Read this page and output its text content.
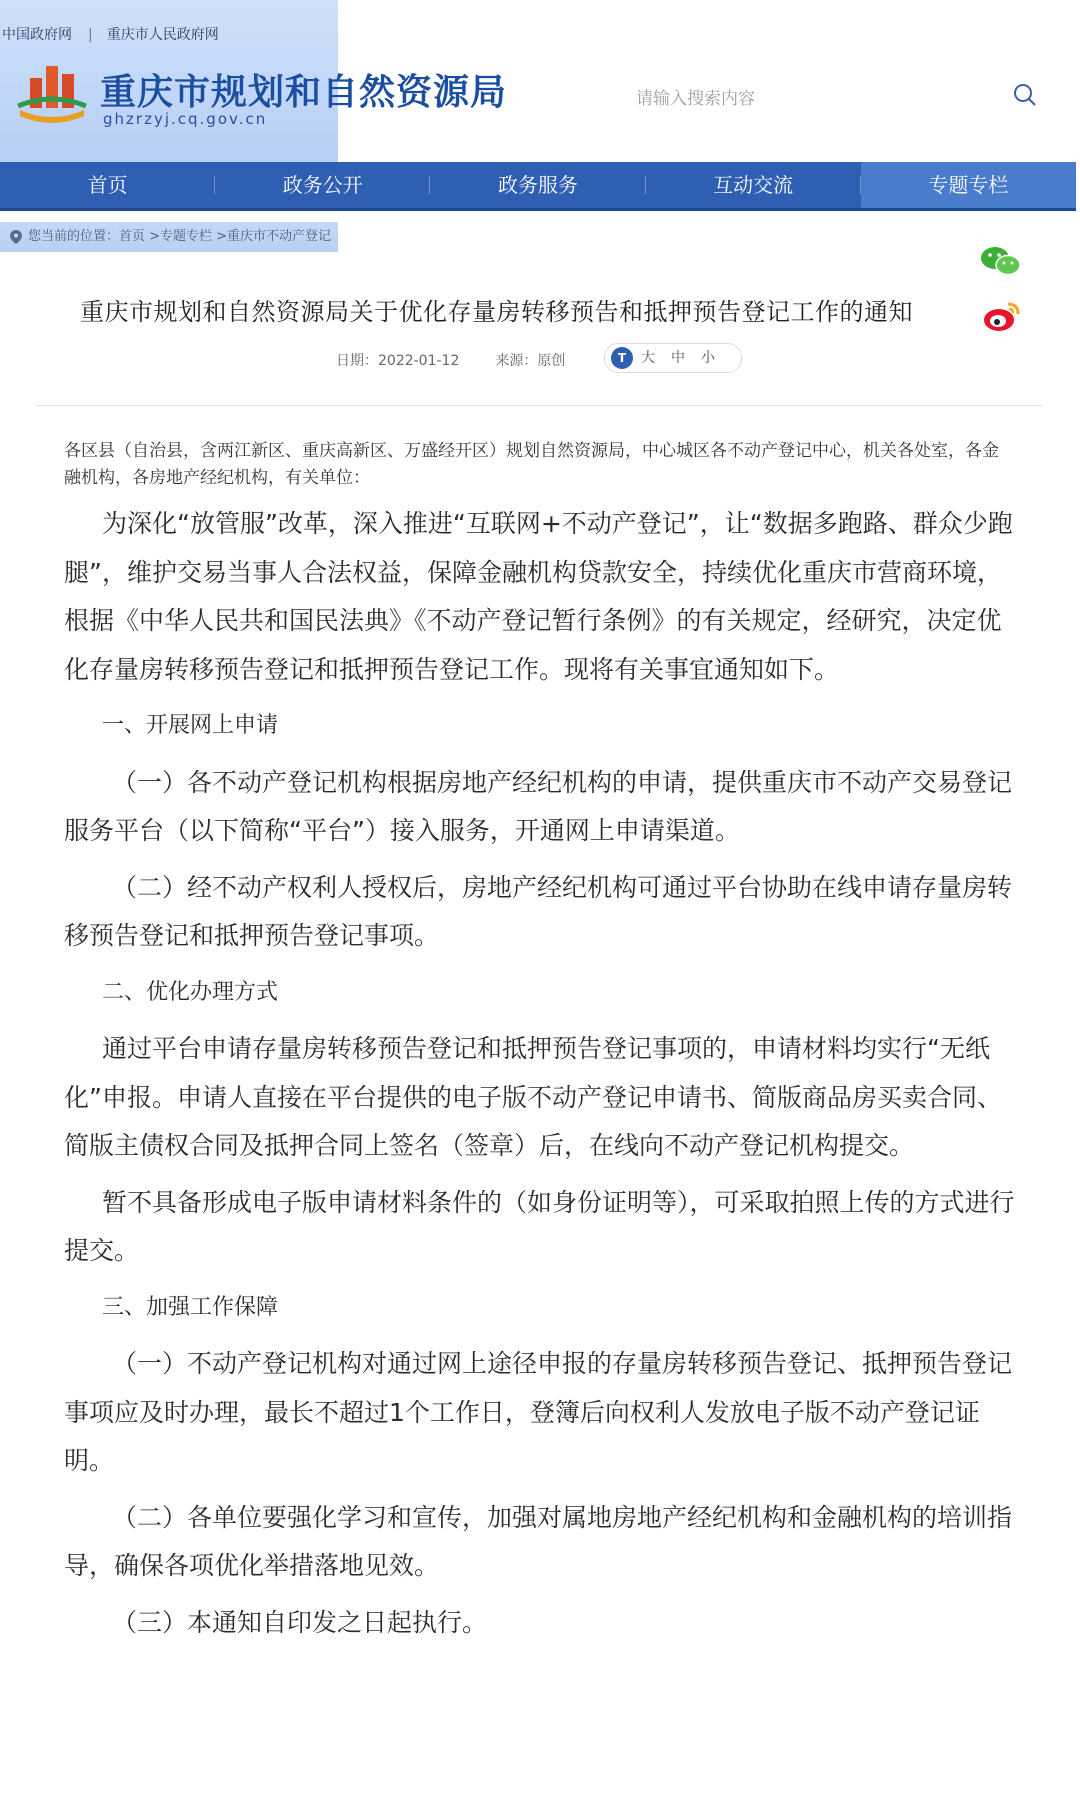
中国政府网 | 重庆市人民政府网
重庆市规划和自然资源局
ghzrzyj.cq.gov.cn
请输入搜索内容
首页	政务公开	政务服务	互动交流	专题专栏
您当前的位置：首页 >专题专栏 >重庆市不动产登记
重庆市规划和自然资源局关于优化存量房转移预告和抵押预告登记工作的通知
日期：2022-01-12	来源：原创	T 大 中 小
各区县（自治县，含两江新区、重庆高新区、万盛经开区）规划自然资源局，中心城区各不动产登记中心，机关各处室，各金融机构，各房地产经纪机构，有关单位：

为深化“放管服”改革，深入推进“互联网+不动产登记”，让“数据多跑路、群众少跑腿”，维护交易当事人合法权益，保障金融机构贷款安全，持续优化重庆市营商环境，根据《中华人民共和国民法典》《不动产登记暂行条例》的有关规定，经研究，决定优化存量房转移预告登记和抵押预告登记工作。现将有关事宜通知如下。

一、开展网上申请

（一）各不动产登记机构根据房地产经纪机构的申请，提供重庆市不动产交易登记服务平台（以下简称“平台”）接入服务，开通网上申请渠道。

（二）经不动产权利人授权后，房地产经纪机构可通过平台协助在线申请存量房转移预告登记和抵押预告登记事项。

二、优化办理方式

通过平台申请存量房转移预告登记和抵押预告登记事项的，申请材料均实行“无纸化”申报。申请人直接在平台提供的电子版不动产登记申请书、简版商品房买卖合同、简版主债权合同及抵押合同上签名（签章）后，在线向不动产登记机构提交。

暂不具备形成电子版申请材料条件的（如身份证明等），可采取拍照上传的方式进行提交。

三、加强工作保障

（一）不动产登记机构对通过网上途径申报的存量房转移预告登记、抵押预告登记事项应及时办理，最长不超过1个工作日，登簿后向权利人发放电子版不动产登记证明。

（二）各单位要强化学习和宣传，加强对属地房地产经纪机构和金融机构的培训指导，确保各项优化举措落地见效。

（三）本通知自印发之日起执行。
